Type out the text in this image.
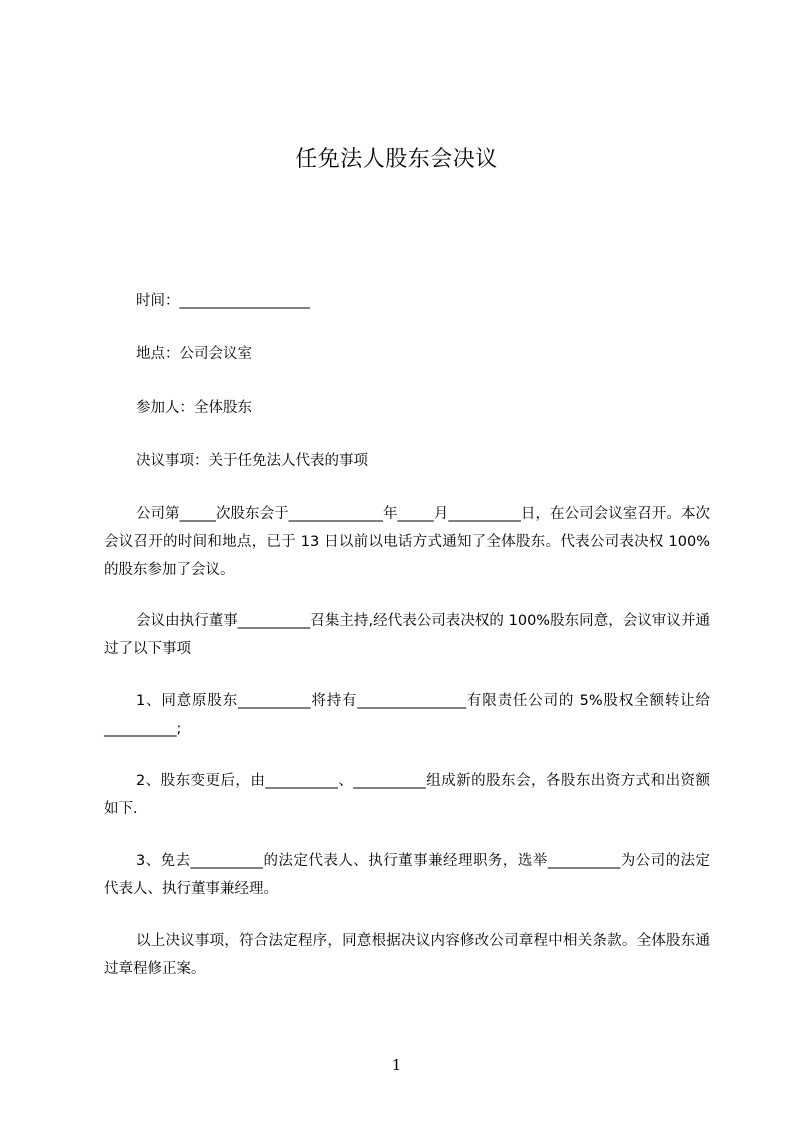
任免法人股东会决议
时间：__________________
地点：公司会议室
参加人：全体股东
决议事项：关于任免法人代表的事项
公司第_____次股东会于_____________年_____月__________日，在公司会议室召开。本次会议召开的时间和地点，已于 13 日以前以电话方式通知了全体股东。代表公司表决权 100%的股东参加了会议。
会议由执行董事__________召集主持,经代表公司表决权的 100%股东同意，会议审议并通过了以下事项
1、同意原股东__________将持有_______________有限责任公司的 5%股权全额转让给__________;
2、股东变更后，由__________、__________组成新的股东会，各股东出资方式和出资额如下.
3、免去__________的法定代表人、执行董事兼经理职务，选举__________为公司的法定代表人、执行董事兼经理。
以上决议事项，符合法定程序，同意根据决议内容修改公司章程中相关条款。全体股东通过章程修正案。
1
